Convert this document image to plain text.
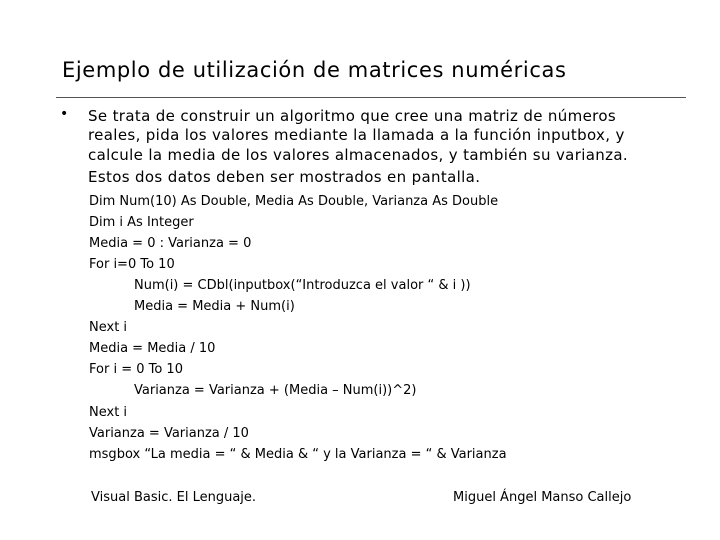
Ejemplo de utilización de matrices numéricas
• Se trata de construir un algoritmo que cree una matriz de números
reales, pida los valores mediante la llamada a la función inputbox, y
calcule la media de los valores almacenados, y también su varianza.
Estos dos datos deben ser mostrados en pantalla.
Dim Num(10) As Double, Media As Double, Varianza As Double
Dim i As Integer
Media = 0 : Varianza = 0
For i=0 To 10
Num(i) = CDbl(inputbox(“Introduzca el valor “ & i ))
Media = Media + Num(i)
Next i
Media = Media / 10
For i = 0 To 10
Varianza = Varianza + (Media – Num(i))^2)
Next i
Varianza = Varianza / 10
msgbox “La media = “ & Media & “ y la Varianza = “ & Varianza
Visual Basic. El Lenguaje.	Miguel Ángel Manso Callejo
